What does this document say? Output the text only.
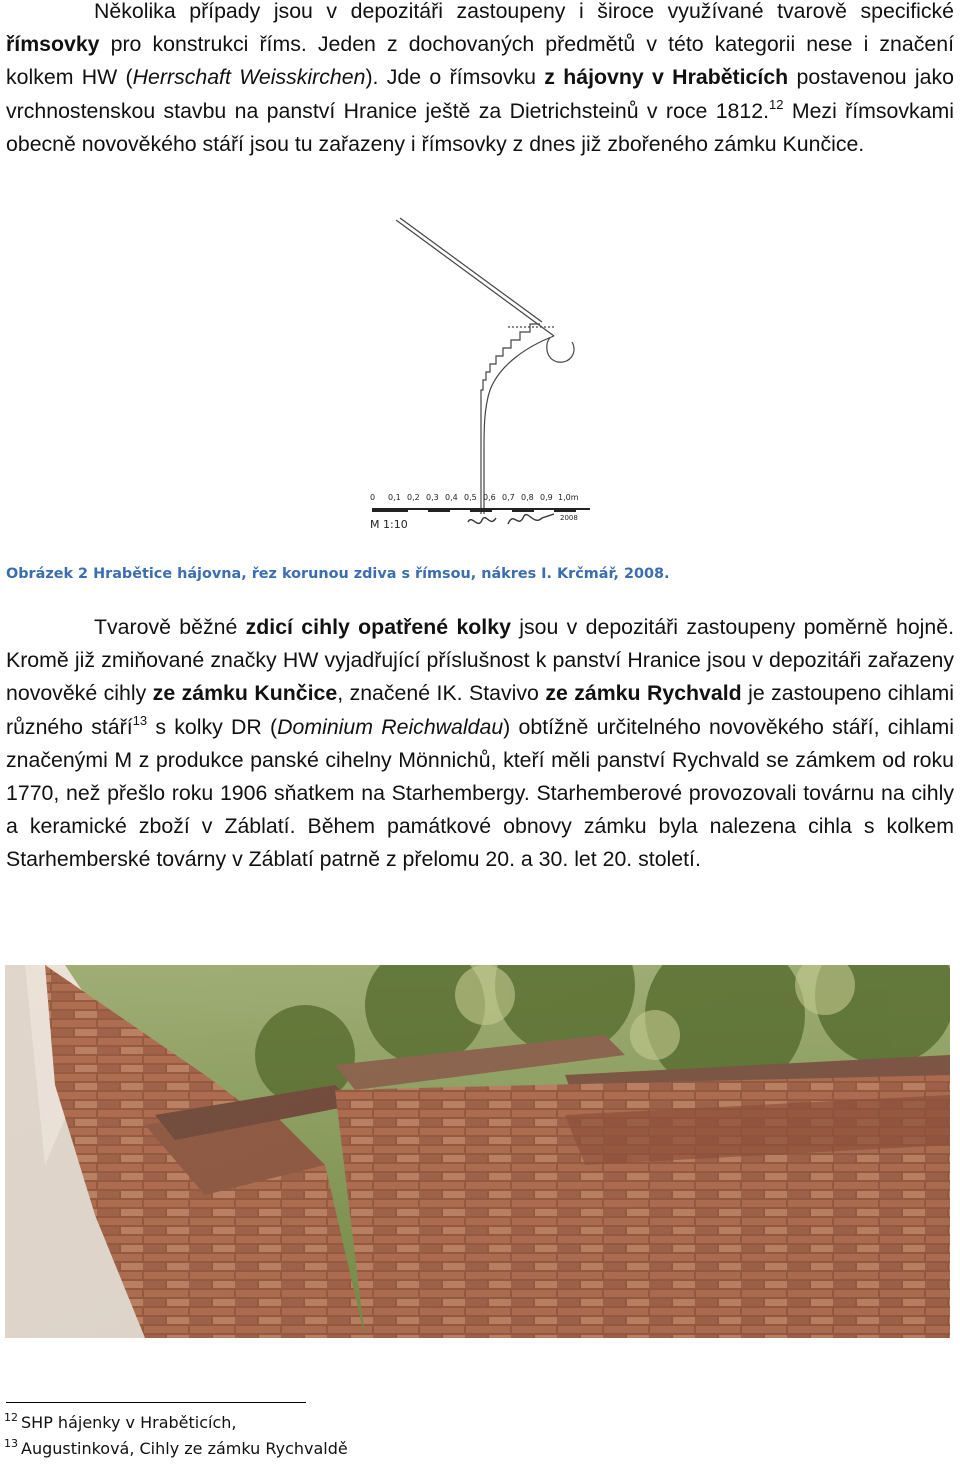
Několika případy jsou v depozitáři zastoupeny i široce využívané tvarově specifické římsovky pro konstrukci říms. Jeden z dochovaných předmětů v této kategorii nese i značení kolkem HW (Herrschaft Weisskirchen). Jde o římsovku z hájovny v Hraběticích postavenou jako vrchnostenskou stavbu na panství Hranice ještě za Dietrichsteinů v roce 1812.12 Mezi římsovkami obecně novověkého stáří jsou tu zařazeny i římsovky z dnes již zbořeného zámku Kunčice.

0 0,1 0,2 0,3 0,4 0,5 0,6 0,7 0,8 0,9 1,0m
M 1:10	2008
Obrázek 2 Hrabětice hájovna, řez korunou zdiva s římsou, nákres I. Krčmář, 2008.

Tvarově běžné zdicí cihly opatřené kolky jsou v depozitáři zastoupeny poměrně hojně. Kromě již zmiňované značky HW vyjadřující příslušnost k panství Hranice jsou v depozitáři zařazeny novověké cihly ze zámku Kunčice, značené IK. Stavivo ze zámku Rychvald je zastoupeno cihlami různého stáří$^{13}$ s kolky DR (Dominium Reichwaldau) obtížně určitelného novověkého stáří, cihlami značenými M z produkce panské cihelny Mönnichů, kteří měli panství Rychvald se zámkem od roku 1770, než přešlo roku 1906 sňatkem na Starhembergy. Starhemberové provozovali továrnu na cihly a keramické zboží v Záblatí. Během památkové obnovy zámku byla nalezena cihla s kolkem Starhemberské továrny v Záblatí patrně z přelomu 20. a 30. let 20. století.

$^{12}$ SHP hájenky v Hraběticích,
$^{13}$ Augustinková, Cihly ze zámku Rychvaldě
